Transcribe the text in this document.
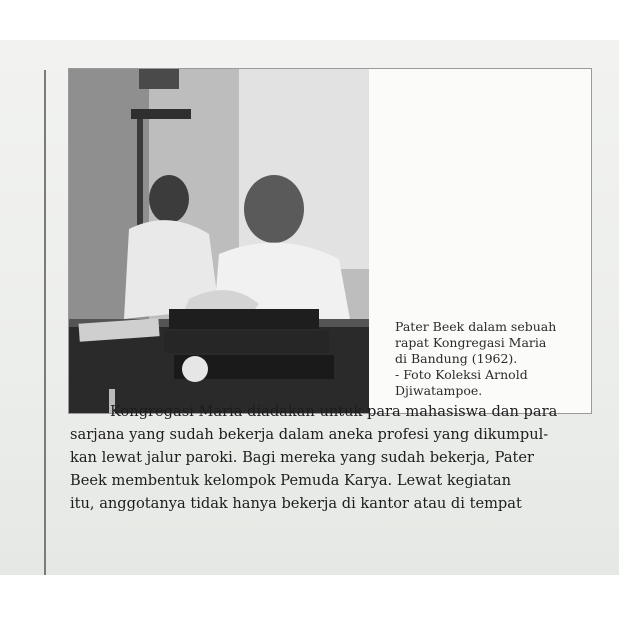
Pater Beek dalam sebuah
rapat Kongregasi Maria
di Bandung (1962).
- Foto Koleksi Arnold
Djiwatampoe.
Kongregasi Maria diadakan untuk para mahasiswa dan para
sarjana yang sudah bekerja dalam aneka profesi yang dikumpul-
kan lewat jalur paroki. Bagi mereka yang sudah bekerja, Pater
Beek membentuk kelompok Pemuda Karya. Lewat kegiatan
itu, anggotanya tidak hanya bekerja di kantor atau di tempat
